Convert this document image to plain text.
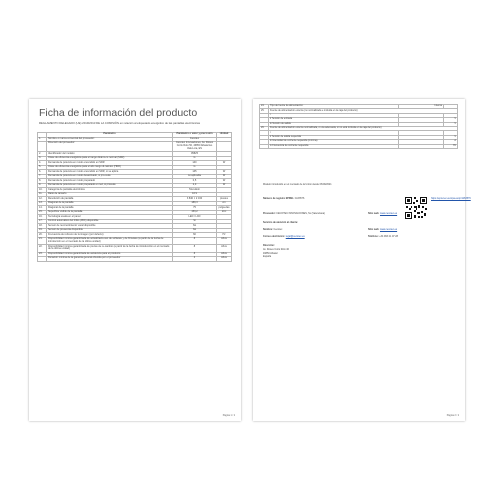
Ficha de información del producto
REGLAMENTO DELEGADO (UE) 2019/2013 DE LA COMISIÓN en relación al etiquetado energético de las pantallas electrónicas
	Parámetro	Parámetro o valor y preci-sión	Unidad
1.	Nombre o marca comercial del proveedor:	Cecotec	
	Dirección del proveedor:	Cecotec Innovaciones, Av. Roses Corts Rolo 50, 46850 Albaial les Valen-cia, ES	
2.	Identificador del modelo	05825	
3.	Clase de eficiencia energética para el rango dinámi-co normal (SDR)	G	
4.	Demanda de potencia en modo encendido en SDR	140	W
5.	Clase de eficiencia energética para el alto rango di-námico (HDR)	G	
6.	Demanda de potencia en modo encendido en SDR, si se aplica	145	W
7.	Demanda de potencia en modo desactivado, si pro-cede	no aplicable	W
8.	Demanda de potencia en modo preparado	0,5	W
9.	Demanda de potencia en modo preparado en red, si procede	2,0	W
10.	Categoría de pantalla electrónica	Televisión	
11.	Ratio de tamaño	16 9	
12.	Resolución de pantalla	3 840 × 2 160	píxeles
13.	Diagonal de la pantalla	189,3	cm
14.	Diagonal de la pantalla	75	pulga-das
15.	Superficie visible de la pantalla	153,2	dm²
16.	Tecnología usada en el panel	LED / LCD	
17.	Control automático del brillo (ABC) disponible	Sí	
18.	Sensor de reconocimiento vocal disponible	No	
19.	Sensor de presencia disponible	No	
20.	Frecuencia de refresco de la imagen (por defecto)	60	Hz
21.	Disponibilidad mínima garantizada de actualizacio-nes de software y de firmware (a partir de la fecha de introducción en el mercado de la última unidad)	8	Años
22.	Disponibilidad mínima garantizada de piezas de re-cambio (a partir de la fecha de introducción en el mercado de la última unidad)	8	Años
23.	Disponibilidad mínima garantizada de asistencia para el producto	8	Años
	Duración mínima de la garantía general ofrecida por el proveedor	3	Años
Página 1 / 2
24.	Tipo de fuente de alimentación:	Interna	
25.	Fuente de alimentación externa (no normalizada e incluida en la caja del producto)		
	i		
	ii Tensión de entrada		V
	iii Tensión de salida		V
26.	Fuente de alimentación externa normalizada, o una adecuada, si no está incluida en la caja del producto)		
	i		
	ii Tensión de salida requerida		V
	iii Intensidad de corriente requerida (mínima)		A
	iv Frecuencia de corriente requerida		Hz
Modelo introducido en el mercado de la Unión desde 06/09/2021
Número de registro EPREL: 1163576	https://eprel.ec.europa.eu/qr/1163576
Proveedor: CECOTEC INNOVACIONES, SL (Valenciana)	Sitio web: www.cecotec.es
Servicio de atención al cliente:
Nombre: Cecotec	Sitio web: www.cecotec.es
Correo electrónico: legal@cecotec.es	Teléfono: +34 963 21 07 28
Dirección:
Av. Roses Corts Rolo 40
46850 Albaial
España
Página 2 / 2
